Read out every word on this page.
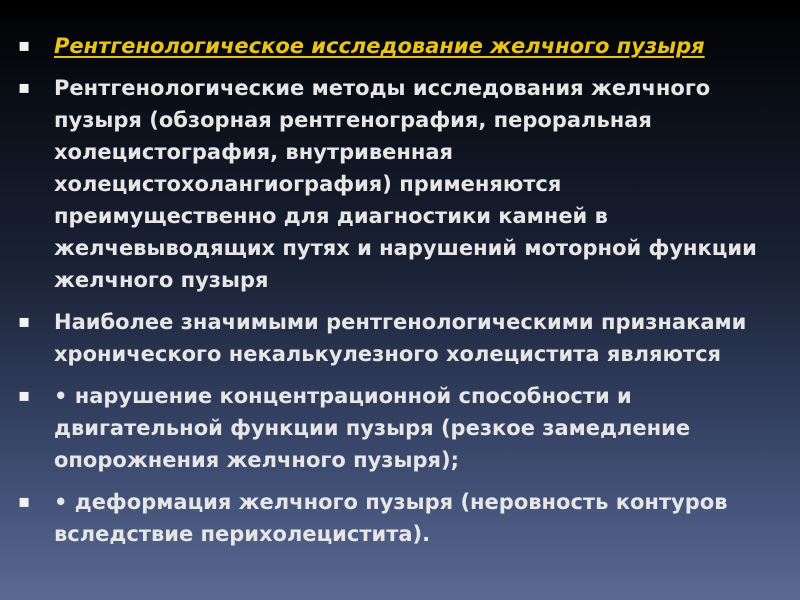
▪ Рентгенологическое исследование желчного пузыря
▪ Рентгенологические методы исследования желчного пузыря (обзорная рентгенография, пероральная холецистография, внутривенная холецистохолангиография) применяются преимущественно для диагностики камней в желчевыводящих путях и нарушений моторной функции желчного пузыря
▪ Наиболее значимыми рентгенологическими признаками хронического некалькулезного холецистита являются
▪ • нарушение концентрационной способности и двигательной функции пузыря (резкое замедление опорожнения желчного пузыря);
▪ • деформация желчного пузыря (неровность контуров вследствие перихолецистита).
